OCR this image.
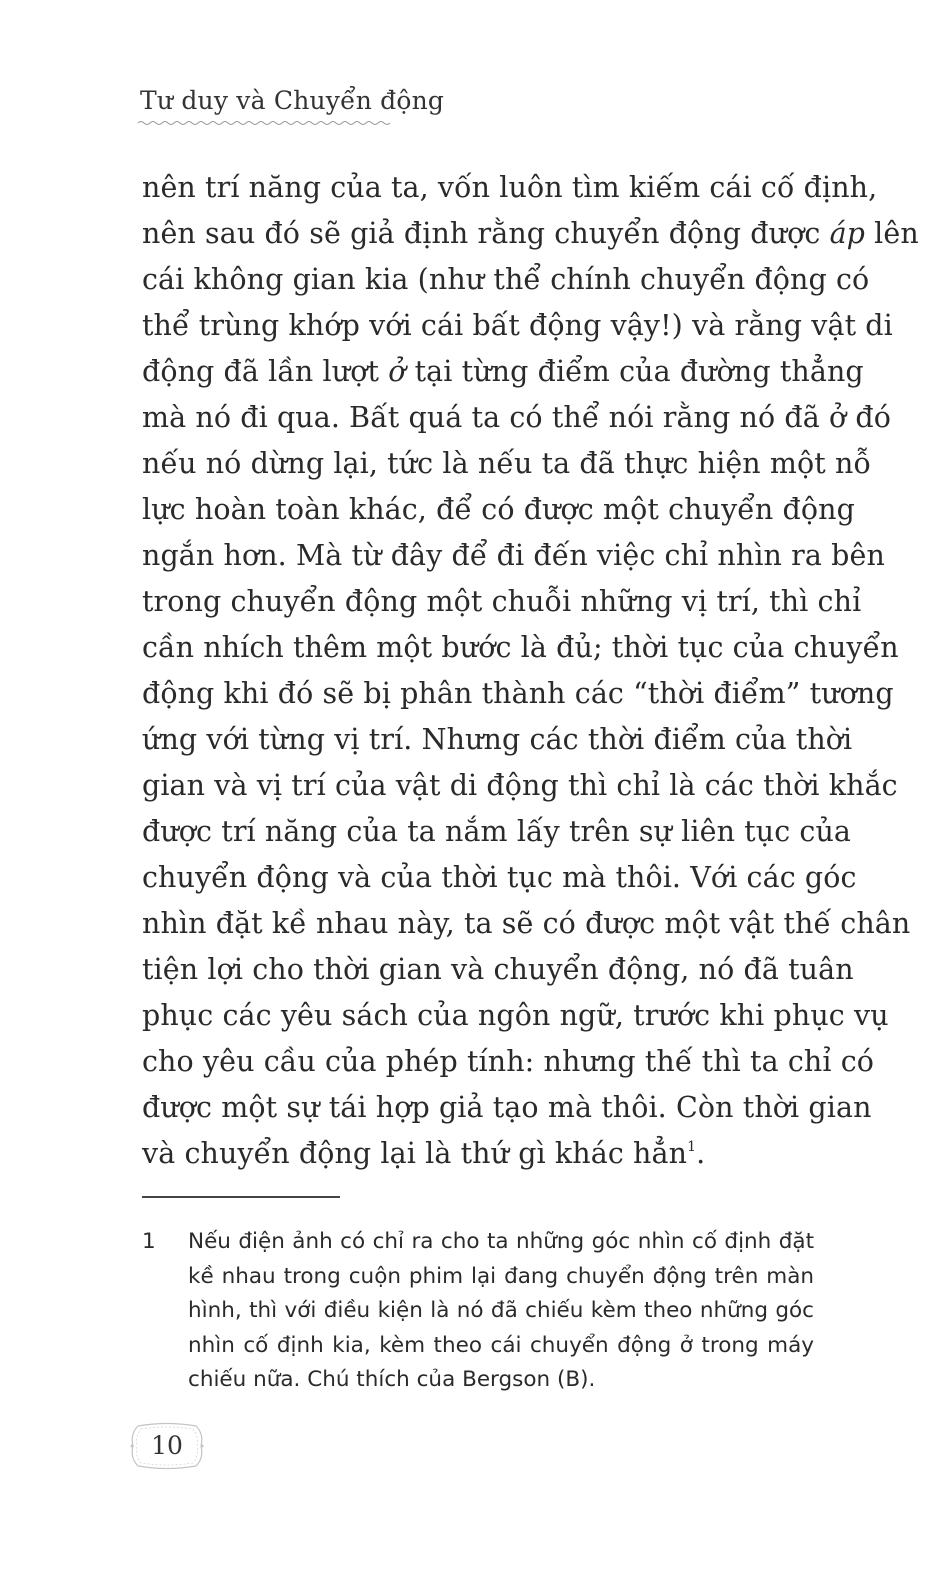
Tư duy và Chuyển động
nên trí năng của ta, vốn luôn tìm kiếm cái cố định,
nên sau đó sẽ giả định rằng chuyển động được áp lên
cái không gian kia (như thể chính chuyển động có
thể trùng khớp với cái bất động vậy!) và rằng vật di
động đã lần lượt ở tại từng điểm của đường thẳng
mà nó đi qua. Bất quá ta có thể nói rằng nó đã ở đó
nếu nó dừng lại, tức là nếu ta đã thực hiện một nỗ
lực hoàn toàn khác, để có được một chuyển động
ngắn hơn. Mà từ đây để đi đến việc chỉ nhìn ra bên
trong chuyển động một chuỗi những vị trí, thì chỉ
cần nhích thêm một bước là đủ; thời tục của chuyển
động khi đó sẽ bị phân thành các “thời điểm” tương
ứng với từng vị trí. Nhưng các thời điểm của thời
gian và vị trí của vật di động thì chỉ là các thời khắc
được trí năng của ta nắm lấy trên sự liên tục của
chuyển động và của thời tục mà thôi. Với các góc
nhìn đặt kề nhau này, ta sẽ có được một vật thế chân
tiện lợi cho thời gian và chuyển động, nó đã tuân
phục các yêu sách của ngôn ngữ, trước khi phục vụ
cho yêu cầu của phép tính: nhưng thế thì ta chỉ có
được một sự tái hợp giả tạo mà thôi. Còn thời gian
và chuyển động lại là thứ gì khác hẳn$^1$.
1 Nếu điện ảnh có chỉ ra cho ta những góc nhìn cố định đặt
kề nhau trong cuộn phim lại đang chuyển động trên màn
hình, thì với điều kiện là nó đã chiếu kèm theo những góc
nhìn cố định kia, kèm theo cái chuyển động ở trong máy
chiếu nữa. Chú thích của Bergson (B).
10
